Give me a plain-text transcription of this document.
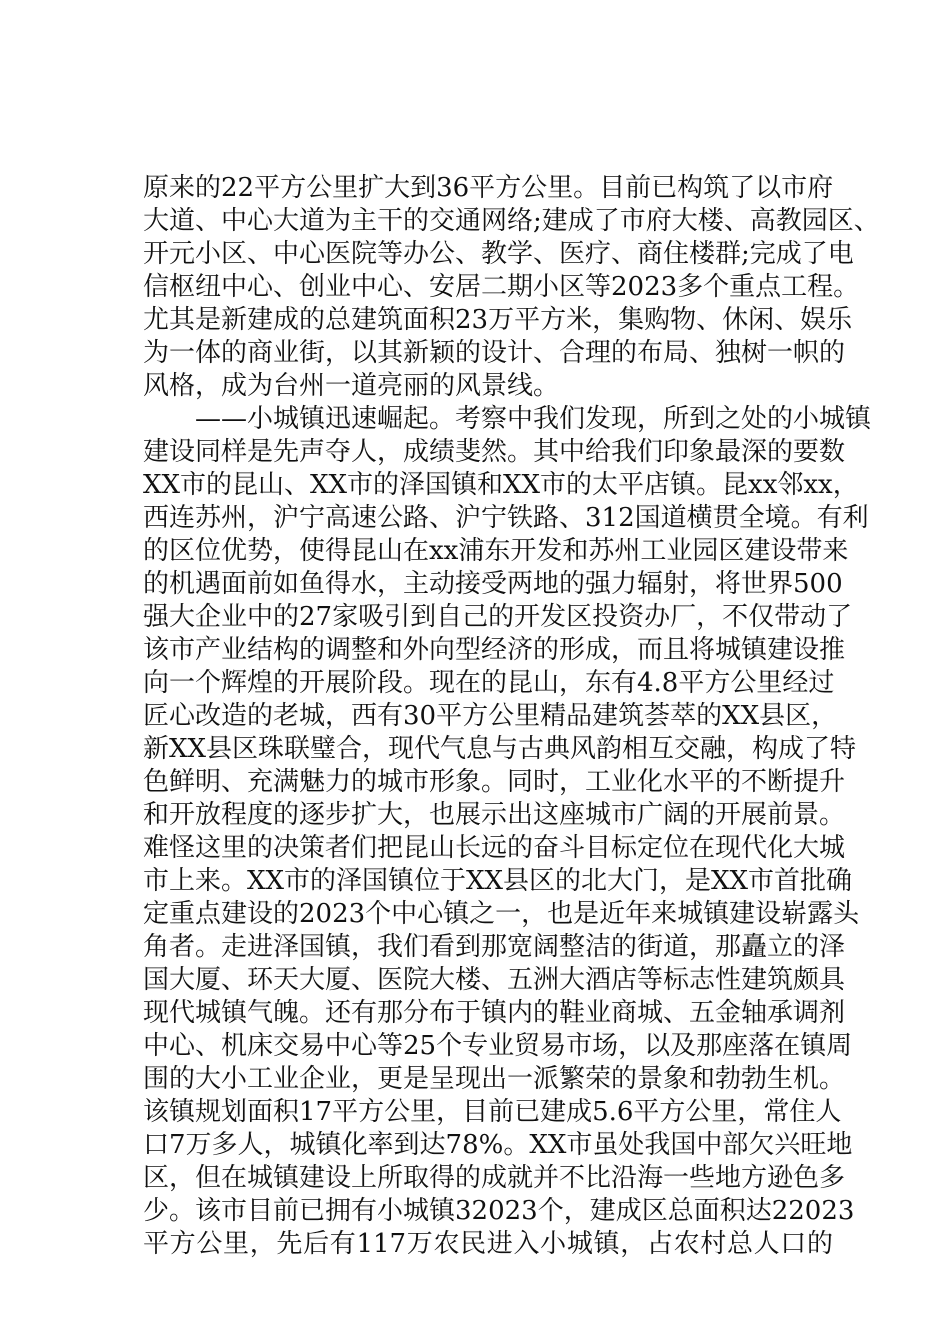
原来的22平方公里扩大到36平方公里。目前已构筑了以市府
大道、中心大道为主干的交通网络;建成了市府大楼、高教园区、
开元小区、中心医院等办公、教学、医疗、商住楼群;完成了电
信枢纽中心、创业中心、安居二期小区等2023多个重点工程。
尤其是新建成的总建筑面积23万平方米，集购物、休闲、娱乐
为一体的商业街，以其新颖的设计、合理的布局、独树一帜的
风格，成为台州一道亮丽的风景线。
　　——小城镇迅速崛起。考察中我们发现，所到之处的小城镇
建设同样是先声夺人，成绩斐然。其中给我们印象最深的要数
XX市的昆山、XX市的泽国镇和XX市的太平店镇。昆xx邻xx，
西连苏州，沪宁高速公路、沪宁铁路、312国道横贯全境。有利
的区位优势，使得昆山在xx浦东开发和苏州工业园区建设带来
的机遇面前如鱼得水，主动接受两地的强力辐射，将世界500
强大企业中的27家吸引到自己的开发区投资办厂，不仅带动了
该市产业结构的调整和外向型经济的形成，而且将城镇建设推
向一个辉煌的开展阶段。现在的昆山，东有4.8平方公里经过
匠心改造的老城，西有30平方公里精品建筑荟萃的XX县区，
新XX县区珠联璧合，现代气息与古典风韵相互交融，构成了特
色鲜明、充满魅力的城市形象。同时，工业化水平的不断提升
和开放程度的逐步扩大，也展示出这座城市广阔的开展前景。
难怪这里的决策者们把昆山长远的奋斗目标定位在现代化大城
市上来。XX市的泽国镇位于XX县区的北大门，是XX市首批确
定重点建设的2023个中心镇之一，也是近年来城镇建设崭露头
角者。走进泽国镇，我们看到那宽阔整洁的街道，那矗立的泽
国大厦、环天大厦、医院大楼、五洲大酒店等标志性建筑颇具
现代城镇气魄。还有那分布于镇内的鞋业商城、五金轴承调剂
中心、机床交易中心等25个专业贸易市场，以及那座落在镇周
围的大小工业企业，更是呈现出一派繁荣的景象和勃勃生机。
该镇规划面积17平方公里，目前已建成5.6平方公里，常住人
口7万多人，城镇化率到达78%。XX市虽处我国中部欠兴旺地
区，但在城镇建设上所取得的成就并不比沿海一些地方逊色多
少。该市目前已拥有小城镇32023个，建成区总面积达22023
平方公里，先后有117万农民进入小城镇，占农村总人口的
